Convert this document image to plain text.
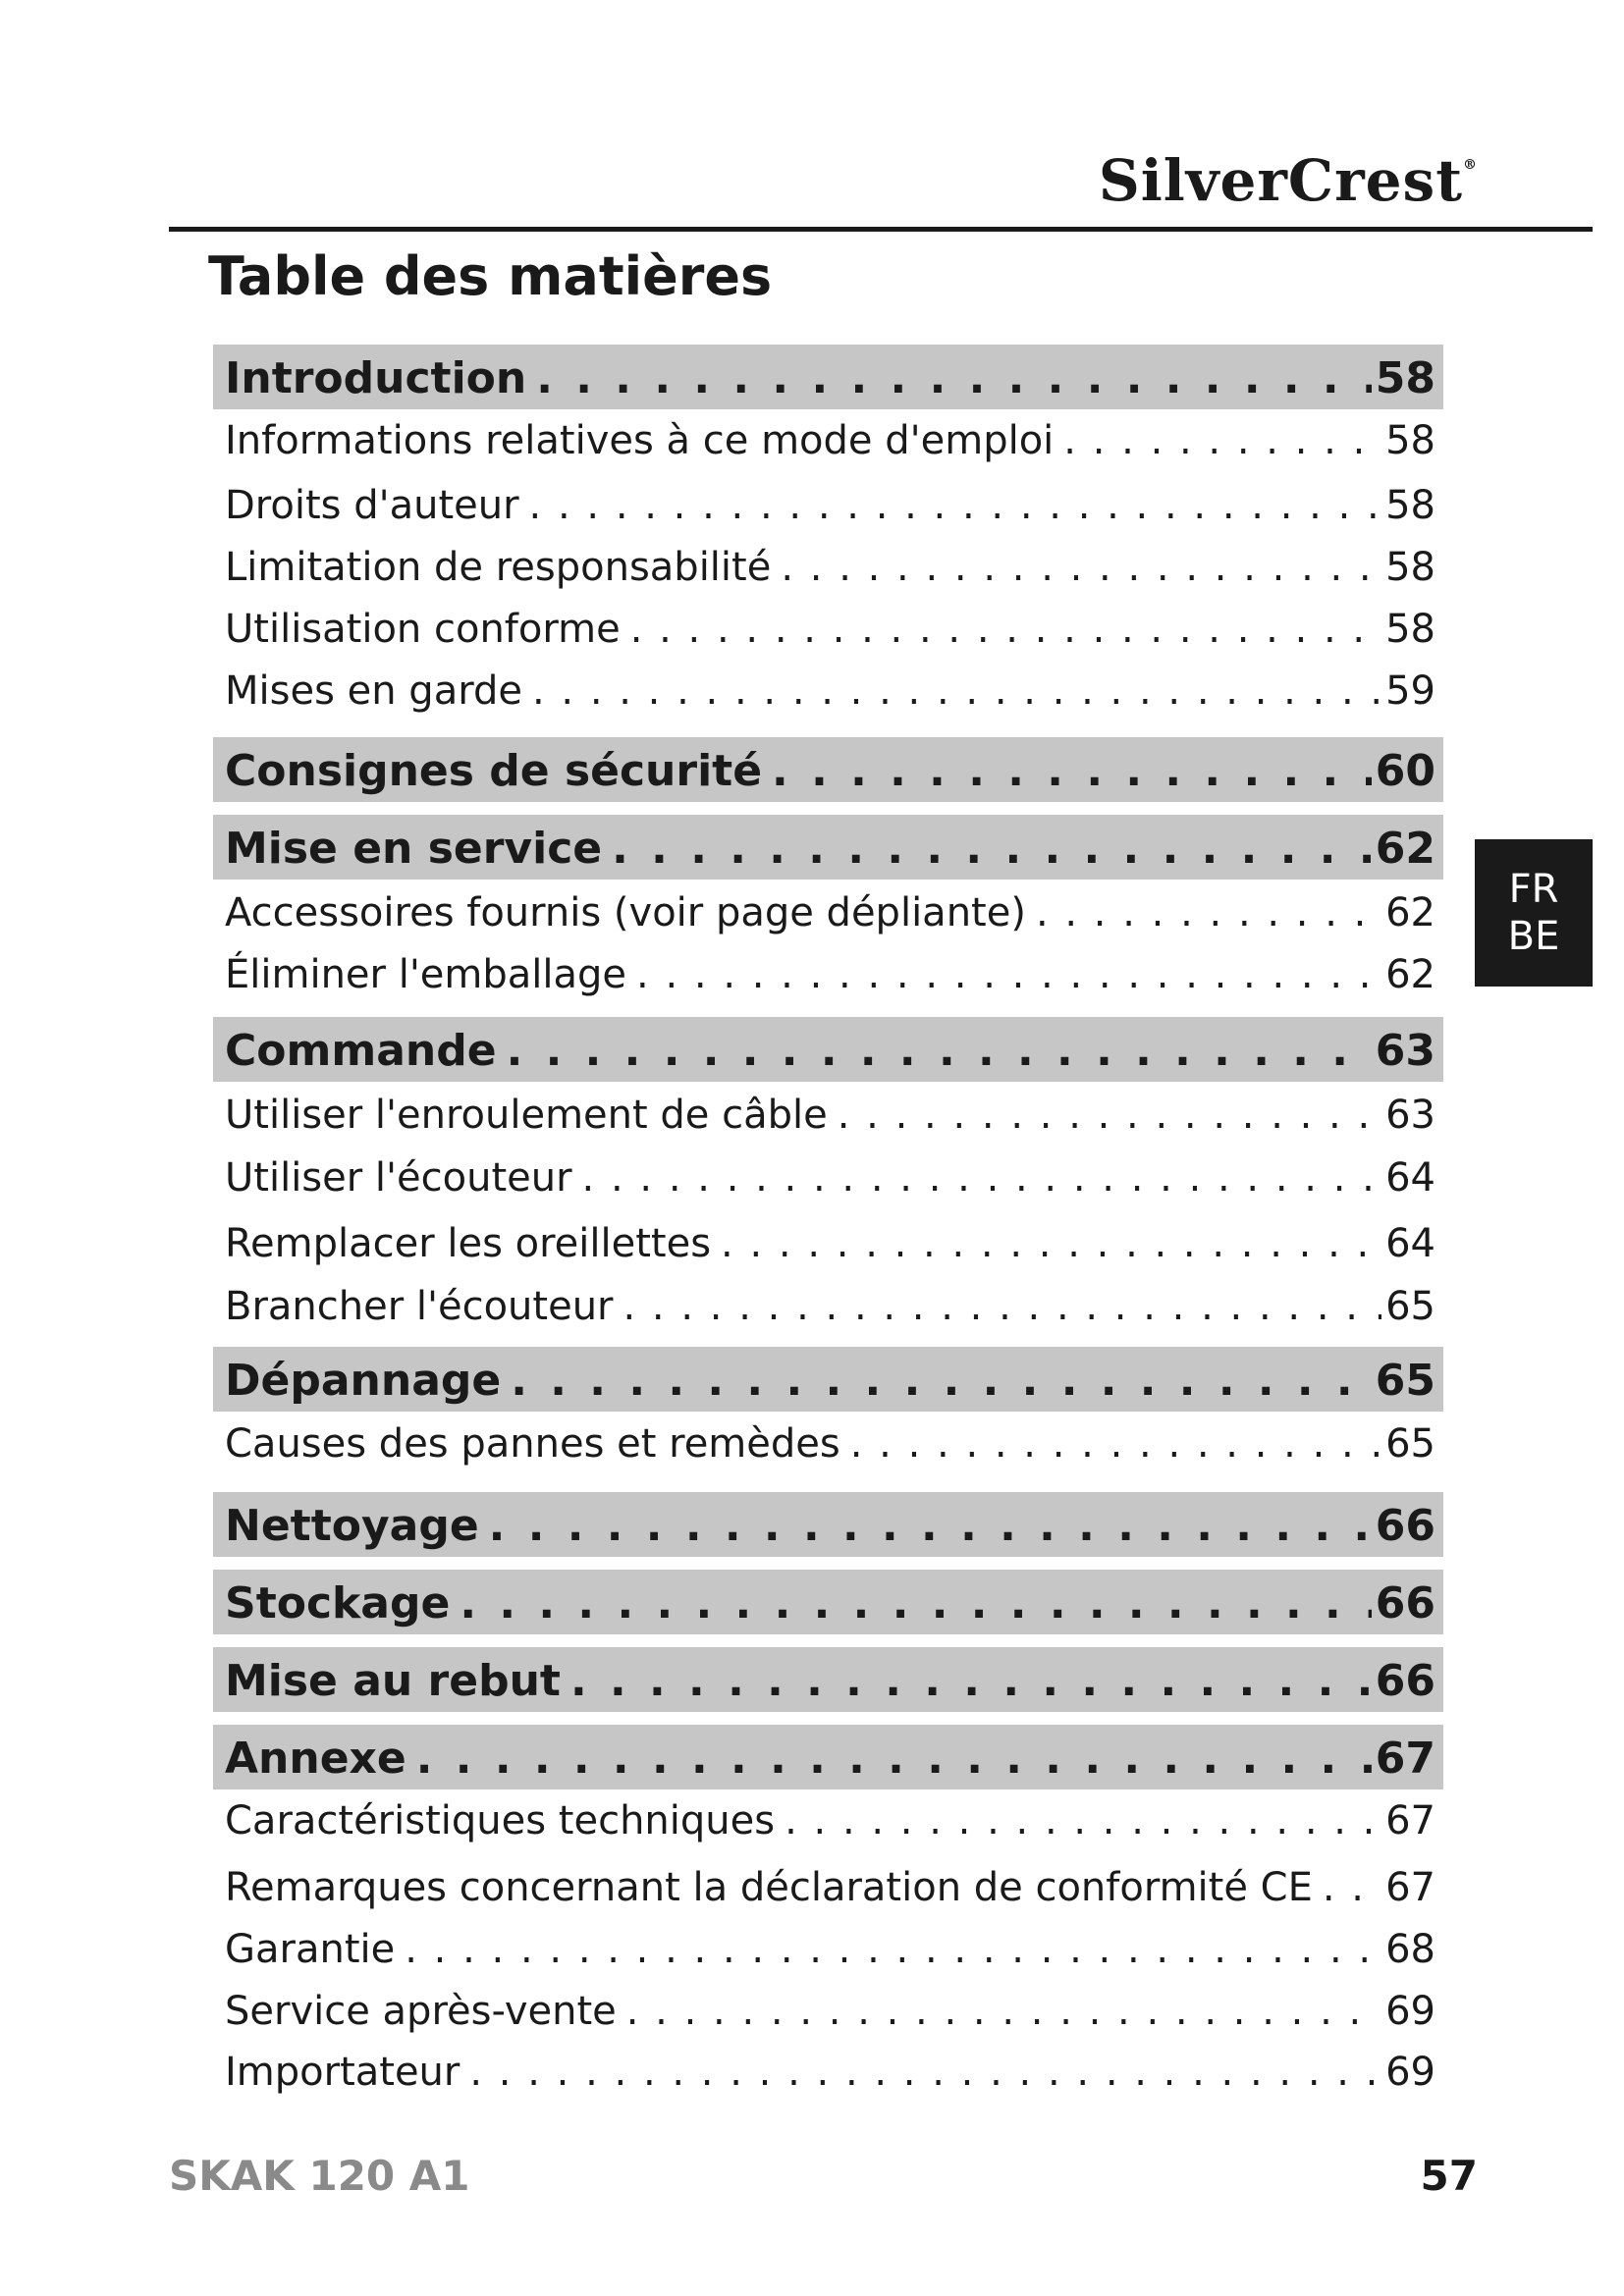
SilverCrest®
Table des matières
Introduction . . .	58
Informations relatives à ce mode d'emploi . . .	58
Droits d'auteur . . .	58
Limitation de responsabilité . . .	58
Utilisation conforme . . .	58
Mises en garde . . .	59
Consignes de sécurité . . .	60
Mise en service . . .	62
Accessoires fournis (voir page dépliante) . . .	62
Éliminer l'emballage . . .	62
Commande . . .	63
Utiliser l'enroulement de câble . . .	63
Utiliser l'écouteur . . .	64
Remplacer les oreillettes . . .	64
Brancher l'écouteur . . .	65
Dépannage . . .	65
Causes des pannes et remèdes . . .	65
Nettoyage . . .	66
Stockage . . .	66
Mise au rebut . . .	66
Annexe . . .	67
Caractéristiques techniques . . .	67
Remarques concernant la déclaration de conformité CE . . . 67
Garantie . . .	68
Service après-vente . . .	69
Importateur . . .	69
FR
BE
SKAK 120 A1	57
